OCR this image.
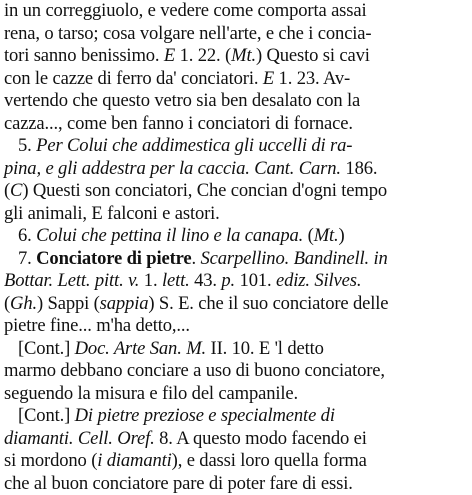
in un correggiuolo, e vedere come comporta assai
rena, o tarso; cosa volgare nell'arte, e che i concia-
tori sanno benissimo. E 1. 22. (Mt.) Questo si cavi
con le cazze di ferro da' conciatori. E 1. 23. Av-
vertendo che questo vetro sia ben desalato con la
cazza..., come ben fanno i conciatori di fornace.
5. Per Colui che addimestica gli uccelli di ra-
pina, e gli addestra per la caccia. Cant. Carn. 186.
(C) Questi son conciatori, Che concian d'ogni tempo
gli animali, E falconi e astori.
6. Colui che pettina il lino e la canapa. (Mt.)
7. Conciatore di pietre. Scarpellino. Bandinell. in
Bottar. Lett. pitt. v. 1. lett. 43. p. 101. ediz. Silves.
(Gh.) Sappi (sappia) S. E. che il suo conciatore delle
pietre fine... m'ha detto,...
[Cont.] Doc. Arte San. M. II. 10. E 'l detto
marmo debbano conciare a uso di buono conciatore,
seguendo la misura e filo del campanile.
[Cont.] Di pietre preziose e specialmente di
diamanti. Cell. Oref. 8. A questo modo facendo ei
si mordono (i diamanti), e dassi loro quella forma
che al buon conciatore pare di poter fare di essi.
